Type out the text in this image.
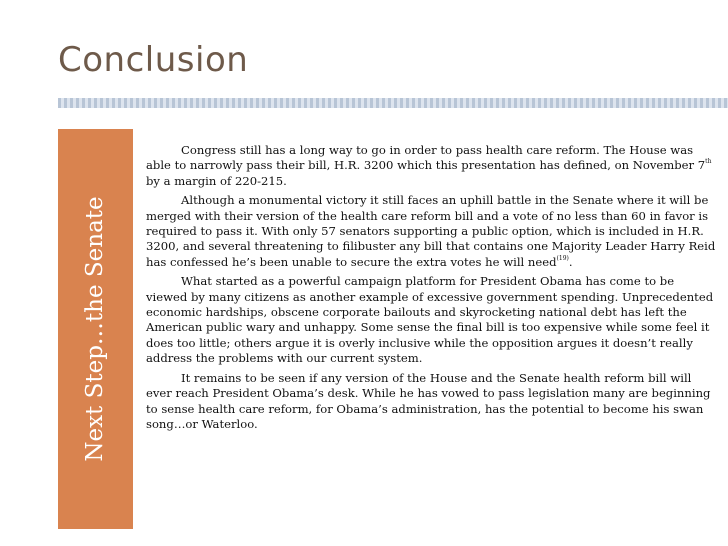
Conclusion
Next Step…the Senate

Congress still has a long way to go in order to pass health care reform. The House was able to narrowly pass their bill, H.R. 3200 which this presentation has defined, on November 7th by a margin of 220-215.

Although a monumental victory it still faces an uphill battle in the Senate where it will be merged with their version of the health care reform bill and a vote of no less than 60 in favor is required to pass it. With only 57 senators supporting a public option, which is included in H.R. 3200, and several threatening to filibuster any bill that contains one Majority Leader Harry Reid has confessed he’s been unable to secure the extra votes he will need$^{(19)}$.

What started as a powerful campaign platform for President Obama has come to be viewed by many citizens as another example of excessive government spending. Unprecedented economic hardships, obscene corporate bailouts and skyrocketing national debt has left the American public wary and unhappy. Some sense the final bill is too expensive while some feel it does too little; others argue it is overly inclusive while the opposition argues it doesn’t really address the problems with our current system.

It remains to be seen if any version of the House and the Senate health reform bill will ever reach President Obama’s desk. While he has vowed to pass legislation many are beginning to sense health care reform, for Obama’s administration, has the potential to become his swan song…or Waterloo.
